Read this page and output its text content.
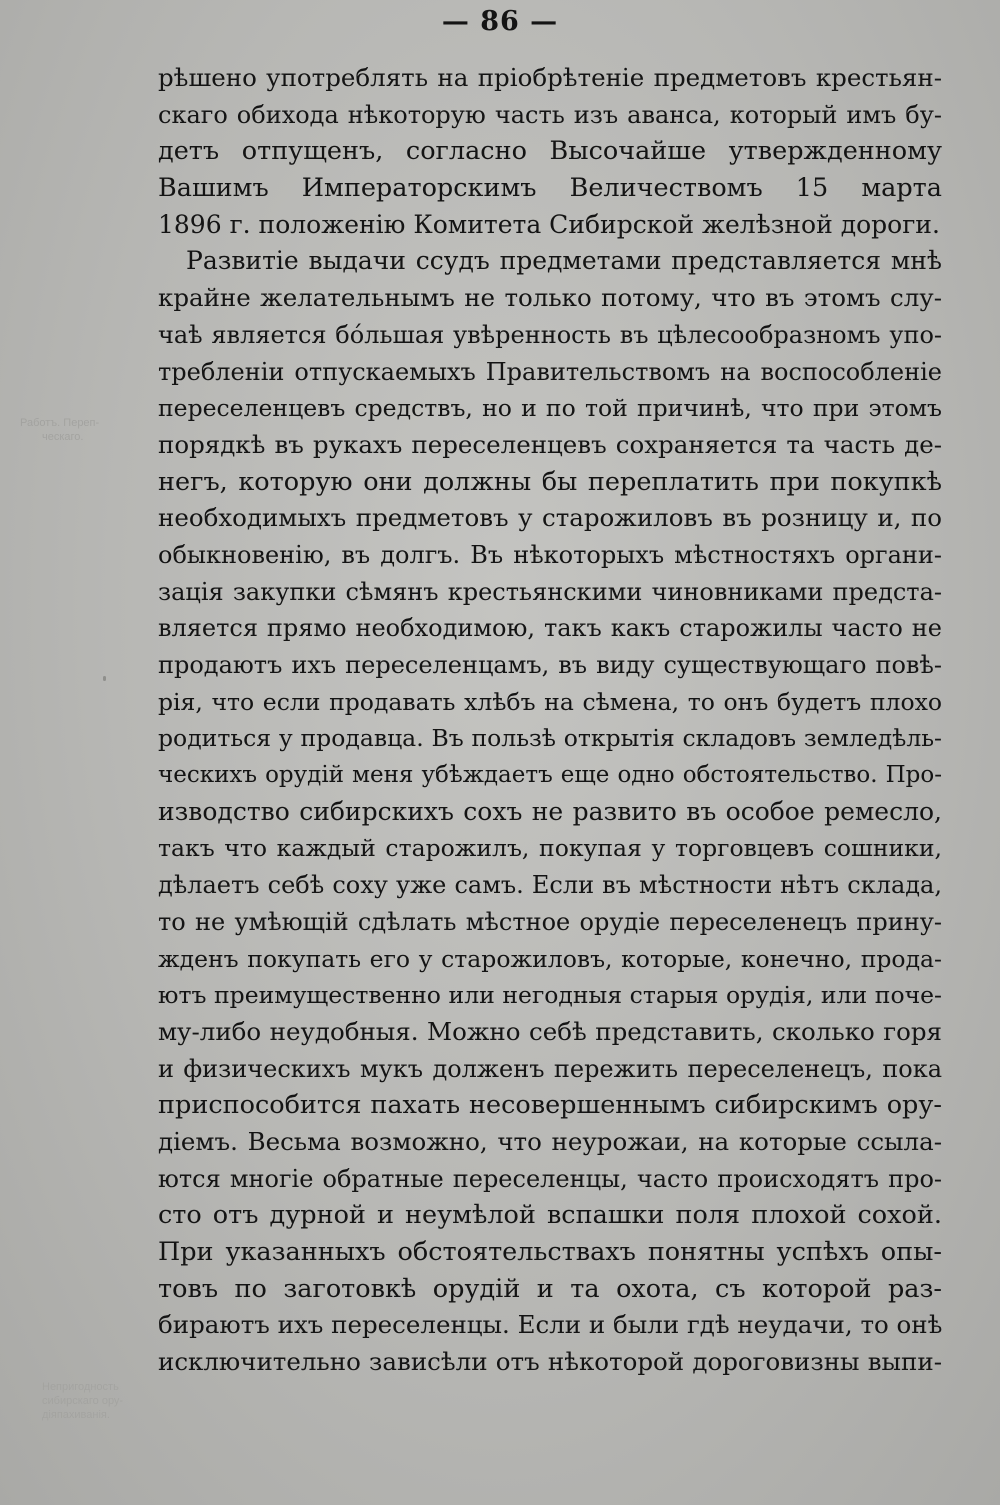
— 86 —
Работъ. Переп-
ческаго.
Непригодность
сибирскаго ору-
діяпахиванія.
рѣшено употреблять на пріобрѣтеніе предметовъ крестьян-
скаго обихода нѣкоторую часть изъ аванса, который имъ бу-
детъ отпущенъ, согласно Высочайше утвержденному
Вашимъ Императорскимъ Величествомъ 15 марта
1896 г. положенію Комитета Сибирской желѣзной дороги.
Развитіе выдачи ссудъ предметами представляется мнѣ
крайне желательнымъ не только потому, что въ этомъ слу-
чаѣ является бóльшая увѣренность въ цѣлесообразномъ упо-
требленіи отпускаемыхъ Правительствомъ на воспособленіе
переселенцевъ средствъ, но и по той причинѣ, что при этомъ
порядкѣ въ рукахъ переселенцевъ сохраняется та часть де-
негъ, которую они должны бы переплатить при покупкѣ
необходимыхъ предметовъ у старожиловъ въ розницу и, по
обыкновенію, въ долгъ. Въ нѣкоторыхъ мѣстностяхъ органи-
зація закупки сѣмянъ крестьянскими чиновниками предста-
вляется прямо необходимою, такъ какъ старожилы часто не
продаютъ ихъ переселенцамъ, въ виду существующаго повѣ-
рія, что если продавать хлѣбъ на сѣмена, то онъ будетъ плохо
родиться у продавца. Въ пользѣ открытія складовъ земледѣль-
ческихъ орудій меня убѣждаетъ еще одно обстоятельство. Про-
изводство сибирскихъ сохъ не развито въ особое ремесло,
такъ что каждый старожилъ, покупая у торговцевъ сошники,
дѣлаетъ себѣ соху уже самъ. Если въ мѣстности нѣтъ склада,
то не умѣющій сдѣлать мѣстное орудіе переселенецъ прину-
жденъ покупать его у старожиловъ, которые, конечно, прода-
ютъ преимущественно или негодныя старыя орудія, или поче-
му-либо неудобныя. Можно себѣ представить, сколько горя
и физическихъ мукъ долженъ пережить переселенецъ, пока
приспособится пахать несовершеннымъ сибирскимъ ору-
діемъ. Весьма возможно, что неурожаи, на которые ссыла-
ются многіе обратные переселенцы, часто происходятъ про-
сто отъ дурной и неумѣлой вспашки поля плохой сохой.
При указанныхъ обстоятельствахъ понятны успѣхъ опы-
товъ по заготовкѣ орудій и та охота, съ которой раз-
бираютъ ихъ переселенцы. Если и были гдѣ неудачи, то онѣ
исключительно зависѣли отъ нѣкоторой дороговизны выпи-
